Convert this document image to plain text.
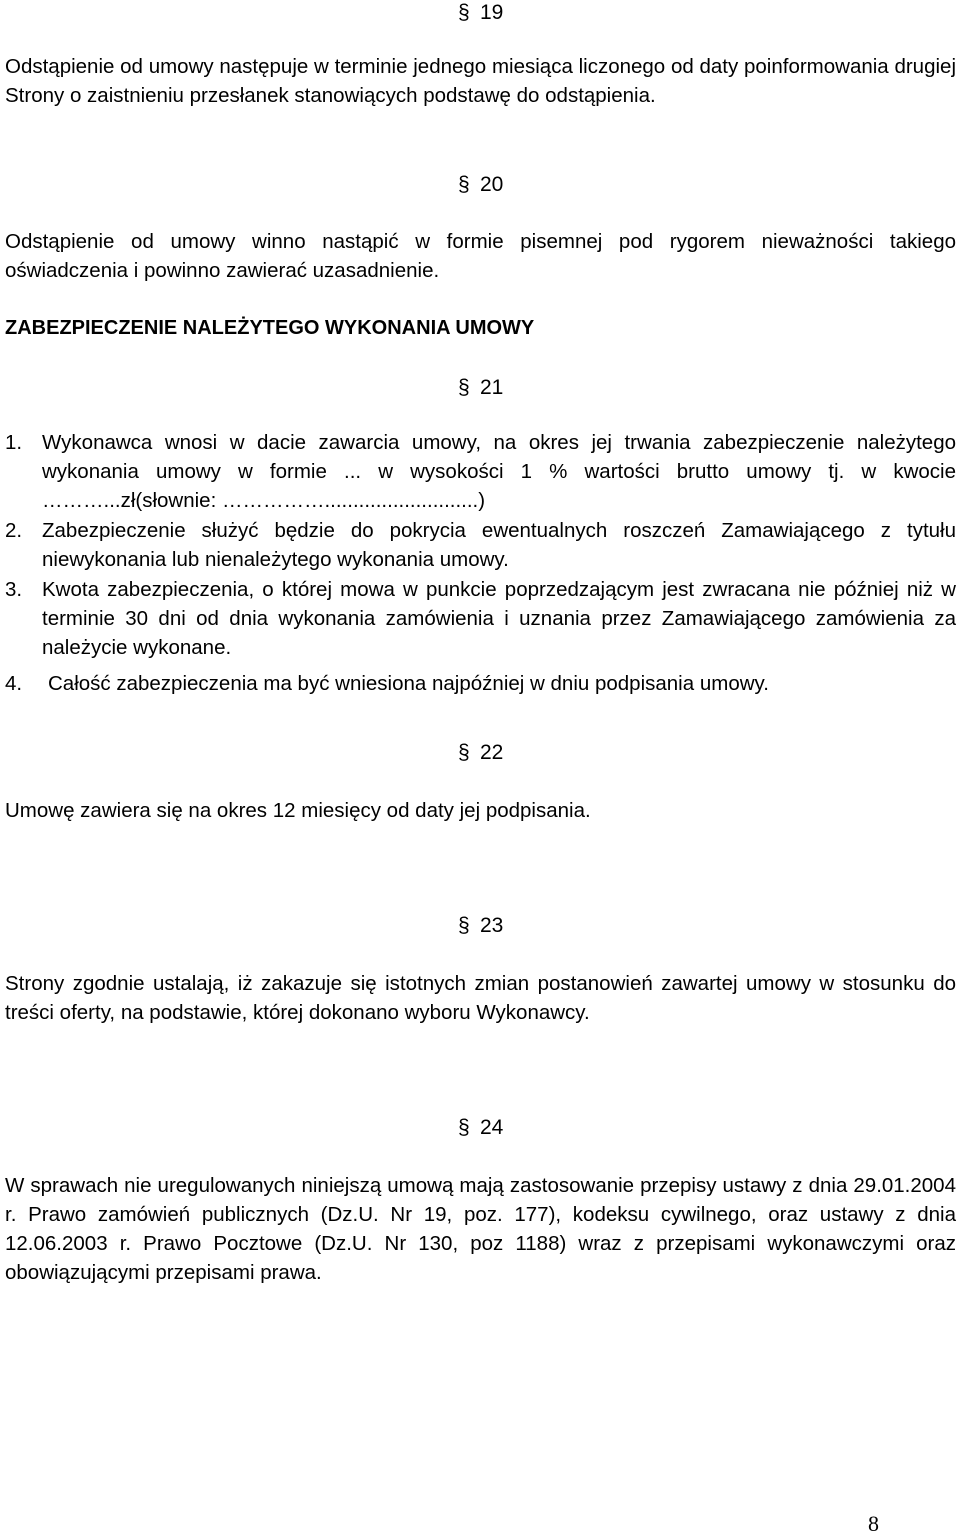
§ 19
Odstąpienie od umowy następuje w terminie jednego miesiąca liczonego od daty poinformowania drugiej Strony o zaistnieniu przesłanek stanowiących podstawę do odstąpienia.
§ 20
Odstąpienie od umowy winno nastąpić w formie pisemnej pod rygorem nieważności takiego oświadczenia i powinno zawierać uzasadnienie.
ZABEZPIECZENIE NALEŻYTEGO WYKONANIA UMOWY
§ 21
1. Wykonawca wnosi w dacie zawarcia umowy, na okres jej trwania zabezpieczenie należytego wykonania umowy w formie ... w wysokości 1 % wartości brutto umowy tj. w kwocie ………...zł(słownie: ……………...........................)
2. Zabezpieczenie służyć będzie do pokrycia ewentualnych roszczeń Zamawiającego z tytułu niewykonania lub nienależytego wykonania umowy.
3. Kwota zabezpieczenia, o której mowa w punkcie poprzedzającym jest zwracana nie później niż w terminie 30 dni od dnia wykonania zamówienia i uznania przez Zamawiającego zamówienia za należycie wykonane.
4. Całość zabezpieczenia ma być wniesiona najpóźniej w dniu podpisania umowy.
§ 22
Umowę zawiera się na okres 12 miesięcy od daty jej podpisania.
§ 23
Strony zgodnie ustalają, iż zakazuje się istotnych zmian postanowień zawartej umowy w stosunku do treści oferty, na podstawie, której dokonano wyboru Wykonawcy.
§ 24
W sprawach nie uregulowanych niniejszą umową mają zastosowanie przepisy ustawy z dnia 29.01.2004 r. Prawo zamówień publicznych (Dz.U. Nr 19, poz. 177), kodeksu cywilnego, oraz ustawy z dnia 12.06.2003 r. Prawo Pocztowe (Dz.U. Nr 130, poz 1188) wraz z przepisami wykonawczymi oraz obowiązującymi przepisami prawa.
8
